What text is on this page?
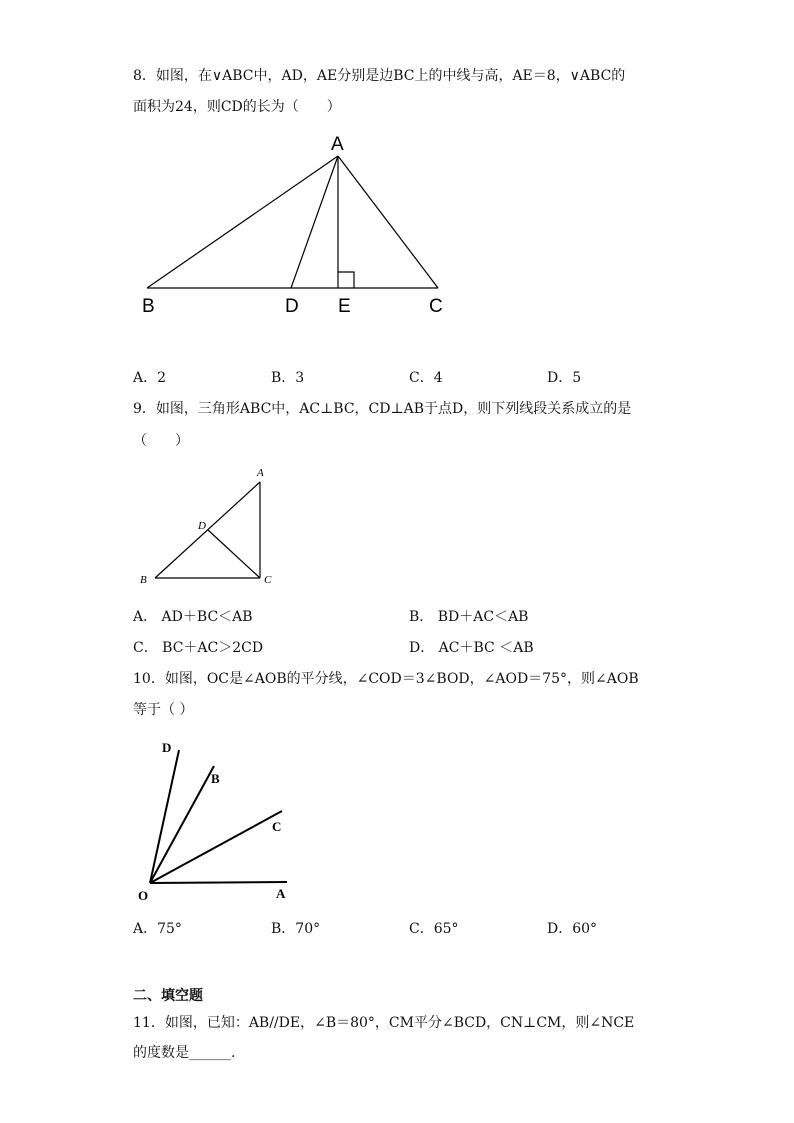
8．如图，在∨ABC中，AD，AE分别是边BC上的中线与高，AE＝8，∨ABC的
面积为24，则CD的长为（　　）
A
B	D E	C
A
B	C
D
D
B
C
O	A
A．2	B．3	C．4	D．5
9．如图，三角形ABC中，AC⊥BC，CD⊥AB于点D，则下列线段关系成立的是
（　　）
A． AD＋BC＜AB	B． BD＋AC＜AB
C． BC＋AC＞2CD	D． AC＋BC ＜AB
10．如图，OC是∠AOB的平分线，∠COD＝3∠BOD，∠AOD＝75°，则∠AOB
等于（ ）
A．75°	B．70°	C．65°	D．60°
二、填空题
11．如图，已知：AB//DE，∠B＝80°，CM平分∠BCD，CN⊥CM，则∠NCE
的度数是______.
